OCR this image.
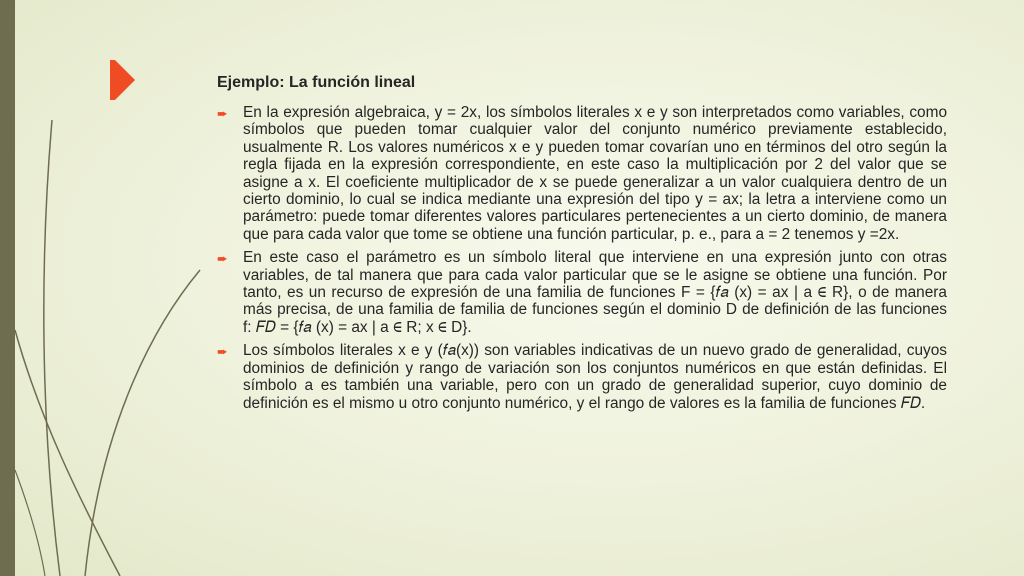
Ejemplo: La función lineal
➨ En la expresión algebraica, y = 2x, los símbolos literales x e y son interpretados como variables, como símbolos que pueden tomar cualquier valor del conjunto numérico previamente establecido, usualmente R. Los valores numéricos x e y pueden tomar covarían uno en términos del otro según la regla fijada en la expresión correspondiente, en este caso la multiplicación por 2 del valor que se asigne a x. El coeficiente multiplicador de x se puede generalizar a un valor cualquiera dentro de un cierto dominio, lo cual se indica mediante una expresión del tipo y = ax; la letra a interviene como un parámetro: puede tomar diferentes valores particulares pertenecientes a un cierto dominio, de manera que para cada valor que tome se obtiene una función particular, p. e., para a = 2 tenemos y =2x.
➨ En este caso el parámetro es un símbolo literal que interviene en una expresión junto con otras variables, de tal manera que para cada valor particular que se le asigne se obtiene una función. Por tanto, es un recurso de expresión de una familia de funciones F = {𝑓𝑎 (x) = ax | a ∈ R}, o de manera más precisa, de una familia de familia de funciones según el dominio D de definición de las funciones f: 𝐹𝐷 = {𝑓𝑎 (x) = ax | a ∈ R; x ∈ D}.
➨ Los símbolos literales x e y (𝑓𝑎(x)) son variables indicativas de un nuevo grado de generalidad, cuyos dominios de definición y rango de variación son los conjuntos numéricos en que están definidas. El símbolo a es también una variable, pero con un grado de generalidad superior, cuyo dominio de definición es el mismo u otro conjunto numérico, y el rango de valores es la familia de funciones 𝐹𝐷.
